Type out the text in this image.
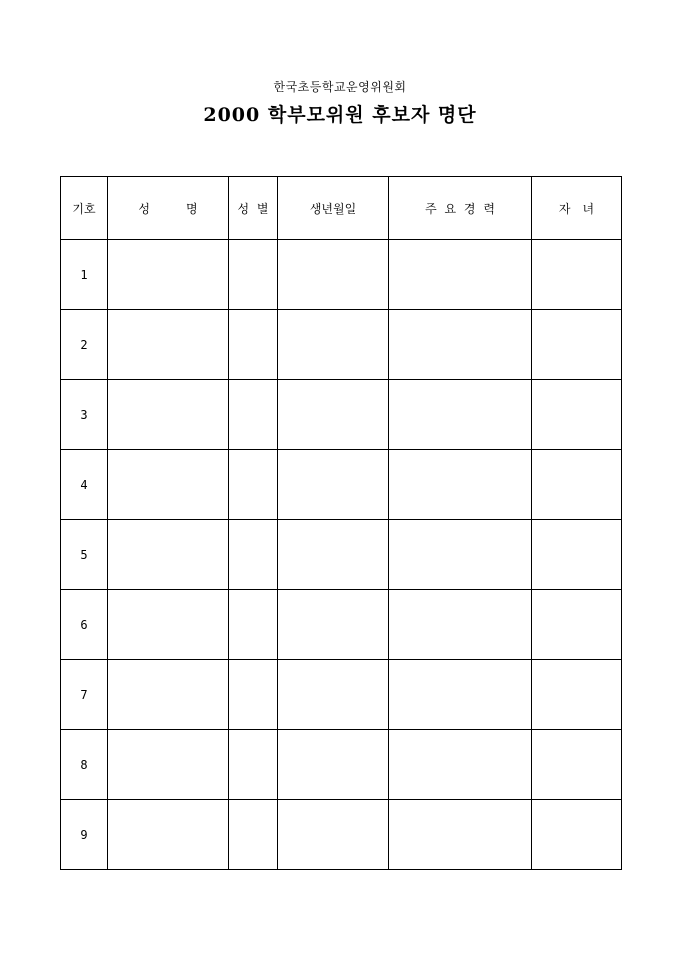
한국초등학교운영위원회
2000 학부모위원 후보자 명단
기호	성　　　명	성 별	생년월일	주 요 경 력	자　녀
1					
2					
3					
4					
5					
6					
7					
8					
9					
